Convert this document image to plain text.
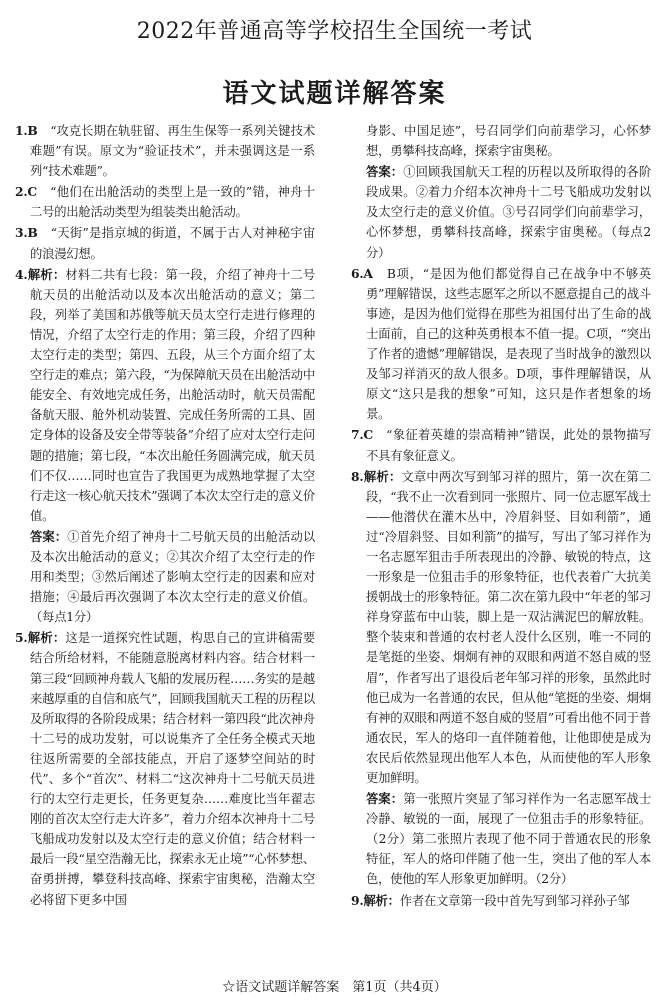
2022年普通高等学校招生全国统一考试
语文试题详解答案
1.B　 “攻克长期在轨驻留、再生生保等一系列关键技术难题”有误。原文为“验证技术”，并未强调这是一系列“技术难题”。
2.C　 “他们在出舱活动的类型上是一致的”错，神舟十二号的出舱活动类型为组装类出舱活动。
3.B　 “天街”是指京城的街道，不属于古人对神秘宇宙的浪漫幻想。
4.解析：材料二共有七段：第一段，介绍了神舟十二号航天员的出舱活动以及本次出舱活动的意义；第二段，列举了美国和苏俄等航天员太空行走进行修理的情况，介绍了太空行走的作用；第三段，介绍了四种太空行走的类型；第四、五段，从三个方面介绍了太空行走的难点；第六段，“为保障航天员在出舱活动中能安全、有效地完成任务，出舱活动时，航天员需配备航天服、舱外机动装置、完成任务所需的工具、固定身体的设备及安全带等装备”介绍了应对太空行走问题的措施；第七段，“本次出舱任务圆满完成，航天员们不仅……同时也宣告了我国更为成熟地掌握了太空行走这一核心航天技术”强调了本次太空行走的意义价值。
答案：①首先介绍了神舟十二号航天员的出舱活动以及本次出舱活动的意义；②其次介绍了太空行走的作用和类型；③然后阐述了影响太空行走的因素和应对措施；④最后再次强调了本次太空行走的意义价值。（每点1分）
5.解析：这是一道探究性试题，构思自己的宣讲稿需要结合所给材料，不能随意脱离材料内容。结合材料一第三段“回顾神舟载人飞船的发展历程……务实的是越来越厚重的自信和底气”，回顾我国航天工程的历程以及所取得的各阶段成果；结合材料一第四段“此次神舟十二号的成功发射，可以说集齐了全任务全模式天地往返所需要的全部技能点，开启了逐梦空间站的时代”、多个“首次”、材料二“这次神舟十二号航天员进行的太空行走更长，任务更复杂……难度比当年翟志刚的首次太空行走大许多”，着力介绍本次神舟十二号飞船成功发射以及太空行走的意义价值；结合材料一最后一段“星空浩瀚无比，探索永无止境”“心怀梦想、奋勇拼搏，攀登科技高峰、探索宇宙奥秘，浩瀚太空必将留下更多中国
身影、中国足迹”，号召同学们向前辈学习，心怀梦想，勇攀科技高峰，探索宇宙奥秘。
答案：①回顾我国航天工程的历程以及所取得的各阶段成果。②着力介绍本次神舟十二号飞船成功发射以及太空行走的意义价值。③号召同学们向前辈学习，心怀梦想，勇攀科技高峰，探索宇宙奥秘。（每点2分）
6.A　 B项，“是因为他们都觉得自己在战争中不够英勇”理解错误，这些志愿军之所以不愿意提自己的战斗事迹，是因为他们觉得在那些为祖国付出了生命的战士面前，自己的这种英勇根本不值一提。C项，“突出了作者的遗憾”理解错误，是表现了当时战争的激烈以及邹习祥消灭的敌人很多。D项，事件理解错误，从原文“这只是我的想象”可知，这只是作者想象的场景。
7.C　 “象征着英雄的崇高精神”错误，此处的景物描写不具有象征意义。
8.解析：文章中两次写到邹习祥的照片，第一次在第二段，“我不止一次看到同一张照片、同一位志愿军战士——他潜伏在灌木丛中，冷眉斜竖、目如利箭”，通过“冷眉斜竖、目如利箭”的描写，写出了邹习祥作为一名志愿军狙击手所表现出的冷静、敏锐的特点，这一形象是一位狙击手的形象特征，也代表着广大抗美援朝战士的形象特征。第二次在第九段中“年老的邹习祥身穿蓝布中山装，脚上是一双沾满泥巴的解放鞋。整个装束和普通的农村老人没什么区别，唯一不同的是笔挺的坐姿、炯炯有神的双眼和两道不怒自威的竖眉”，作者写出了退役后老年邹习祥的形象，虽然此时他已成为一名普通的农民，但从他“笔挺的坐姿、炯炯有神的双眼和两道不怒自威的竖眉”可看出他不同于普通农民，军人的烙印一直伴随着他，让他即使是成为农民后依然显现出他军人本色，从而使他的军人形象更加鲜明。
答案：第一张照片突显了邹习祥作为一名志愿军战士冷静、敏锐的一面，展现了一位狙击手的形象特征。（2分）第二张照片表现了他不同于普通农民的形象特征，军人的烙印伴随了他一生，突出了他的军人本色，使他的军人形象更加鲜明。（2分）
9.解析：作者在文章第一段中首先写到邹习祥孙子邹
☆语文试题详解答案　第1页（共4页）
